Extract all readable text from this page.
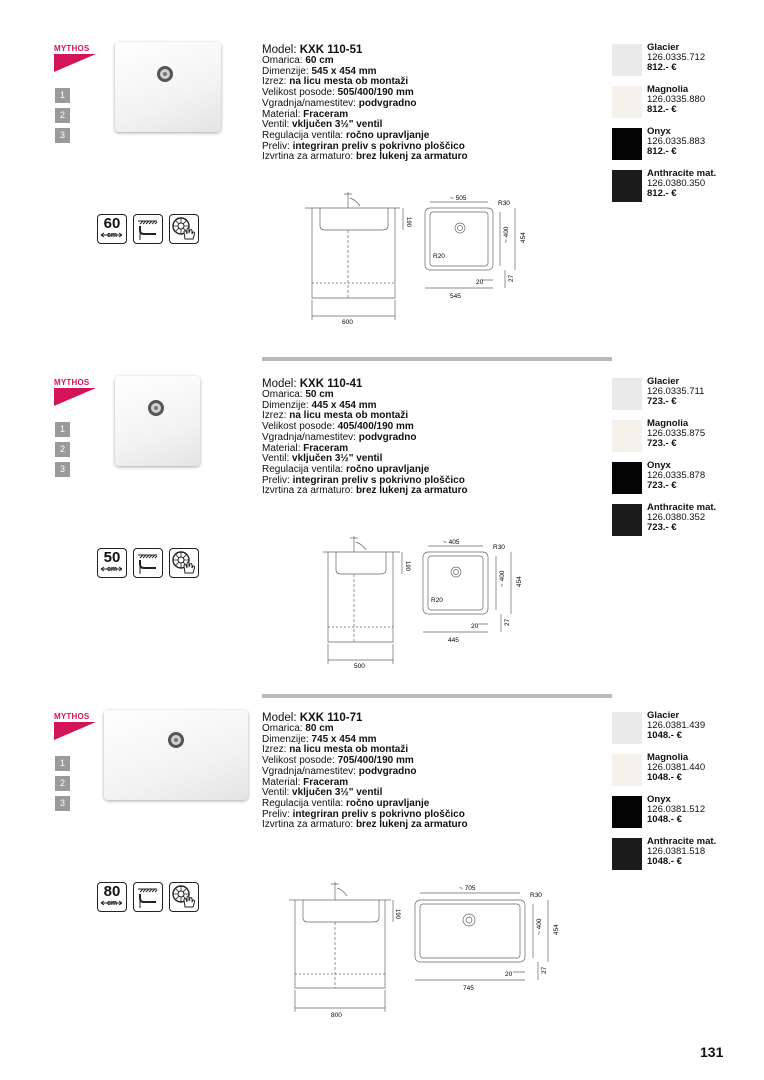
MYTHOS
1
2
3
60
cm
Model: KXK 110-51
Omarica: 60 cm
Dimenzije: 545 x 454 mm
Izrez: na licu mesta ob montaži
Velikost posode: 505/400/190 mm
Vgradnja/namestitev: podvgradno
Material: Fraceram
Ventil: vključen 3½" ventil
Regulacija ventila: ročno upravljanje
Preliv: integriran preliv s pokrivno ploščico
Izvrtina za armaturo: brez lukenj za armaturo
Glacier
126.0335.712
812.- €
Magnolia
126.0335.880
812.- €
Onyx
126.0335.883
812.- €
Anthracite mat.
126.0380.350
812.- €
190
~ 505
R30
R20
~ 400 454
545
20
27
600
MYTHOS
1
2
3
50
cm
Model: KXK 110-41
Omarica: 50 cm
Dimenzije: 445 x 454 mm
Izrez: na licu mesta ob montaži
Velikost posode: 405/400/190 mm
Vgradnja/namestitev: podvgradno
Material: Fraceram
Ventil: vključen 3½" ventil
Regulacija ventila: ročno upravljanje
Preliv: integriran preliv s pokrivno ploščico
Izvrtina za armaturo: brez lukenj za armaturo
Glacier
126.0335.711
723.- €
Magnolia
126.0335.875
723.- €
Onyx
126.0335.878
723.- €
Anthracite mat.
126.0380.352
723.- €
190
~ 405
R30
R20
~ 400 454
445
20
27
500
MYTHOS
1
2
3
80
cm
Model: KXK 110-71
Omarica: 80 cm
Dimenzije: 745 x 454 mm
Izrez: na licu mesta ob montaži
Velikost posode: 705/400/190 mm
Vgradnja/namestitev: podvgradno
Material: Fraceram
Ventil: vključen 3½" ventil
Regulacija ventila: ročno upravljanje
Preliv: integriran preliv s pokrivno ploščico
Izvrtina za armaturo: brez lukenj za armaturo
Glacier
126.0381.439
1048.- €
Magnolia
126.0381.440
1048.- €
Onyx
126.0381.512
1048.- €
Anthracite mat.
126.0381.518
1048.- €
190
~ 705
R30
~ 400 454
745
20
27
800
131
